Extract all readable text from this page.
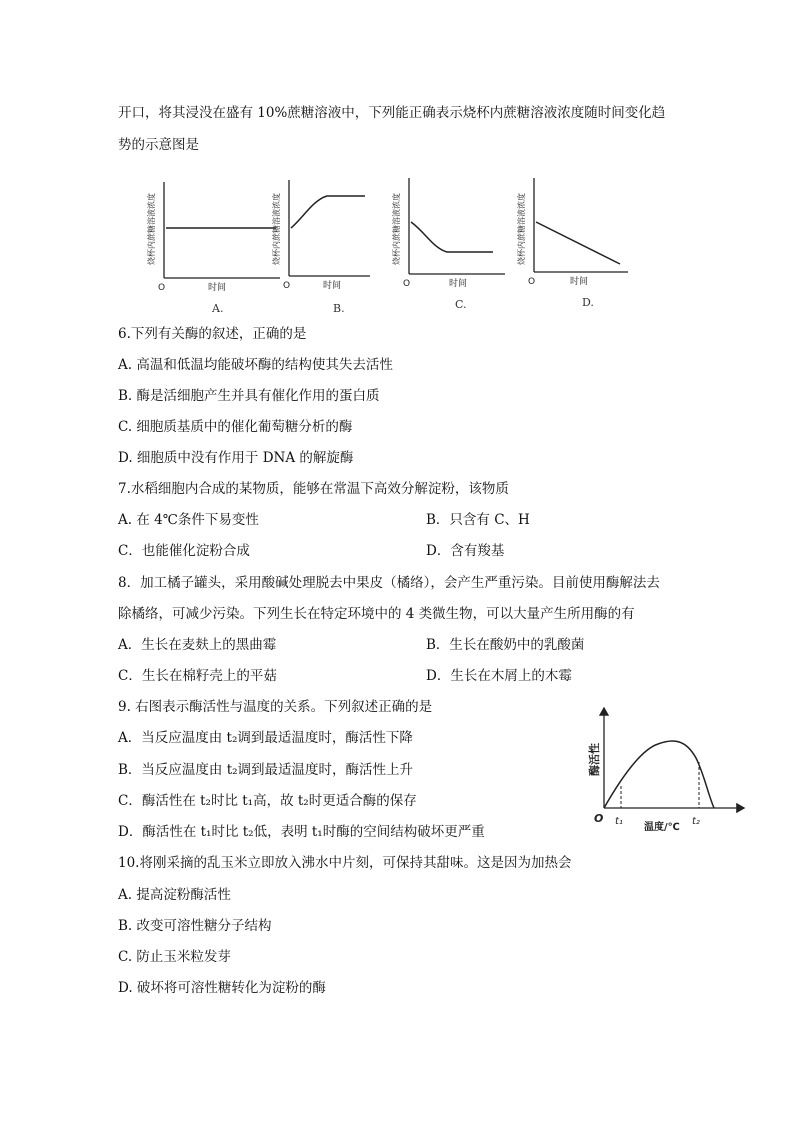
开口，将其浸没在盛有 10%蔗糖溶液中，下列能正确表示烧杯内蔗糖溶液浓度随时间变化趋
势的示意图是
烧杯内蔗糖溶液浓度
O	时间
A.
烧杯内蔗糖溶液浓度
O	时间
B.
烧杯内蔗糖溶液浓度
O	时间
C.
烧杯内蔗糖溶液浓度
O	时间
D.
6.下列有关酶的叙述，正确的是
A. 高温和低温均能破坏酶的结构使其失去活性
B. 酶是活细胞产生并具有催化作用的蛋白质
C. 细胞质基质中的催化葡萄糖分析的酶
D. 细胞质中没有作用于 DNA 的解旋酶
7.水稻细胞内合成的某物质，能够在常温下高效分解淀粉，该物质
A. 在 4℃条件下易变性	B．只含有 C、H
C．也能催化淀粉合成	D．含有羧基
8．加工橘子罐头，采用酸碱处理脱去中果皮（橘络），会产生严重污染。目前使用酶解法去
除橘络，可减少污染。下列生长在特定环境中的 4 类微生物，可以大量产生所用酶的有
A．生长在麦麸上的黑曲霉	B．生长在酸奶中的乳酸菌
C．生长在棉籽壳上的平菇	D．生长在木屑上的木霉
9. 右图表示酶活性与温度的关系。下列叙述正确的是
A．当反应温度由 t₂调到最适温度时，酶活性下降
B．当反应温度由 t₂调到最适温度时，酶活性上升
C．酶活性在 t₂时比 t₁高，故 t₂时更适合酶的保存
D．酶活性在 t₁时比 t₂低，表明 t₁时酶的空间结构破坏更严重
酶活性
O t₁	t₂
温度/℃
10.将刚采摘的乱玉米立即放入沸水中片刻，可保持其甜味。这是因为加热会
A. 提高淀粉酶活性
B. 改变可溶性糖分子结构
C. 防止玉米粒发芽
D. 破坏将可溶性糖转化为淀粉的酶
